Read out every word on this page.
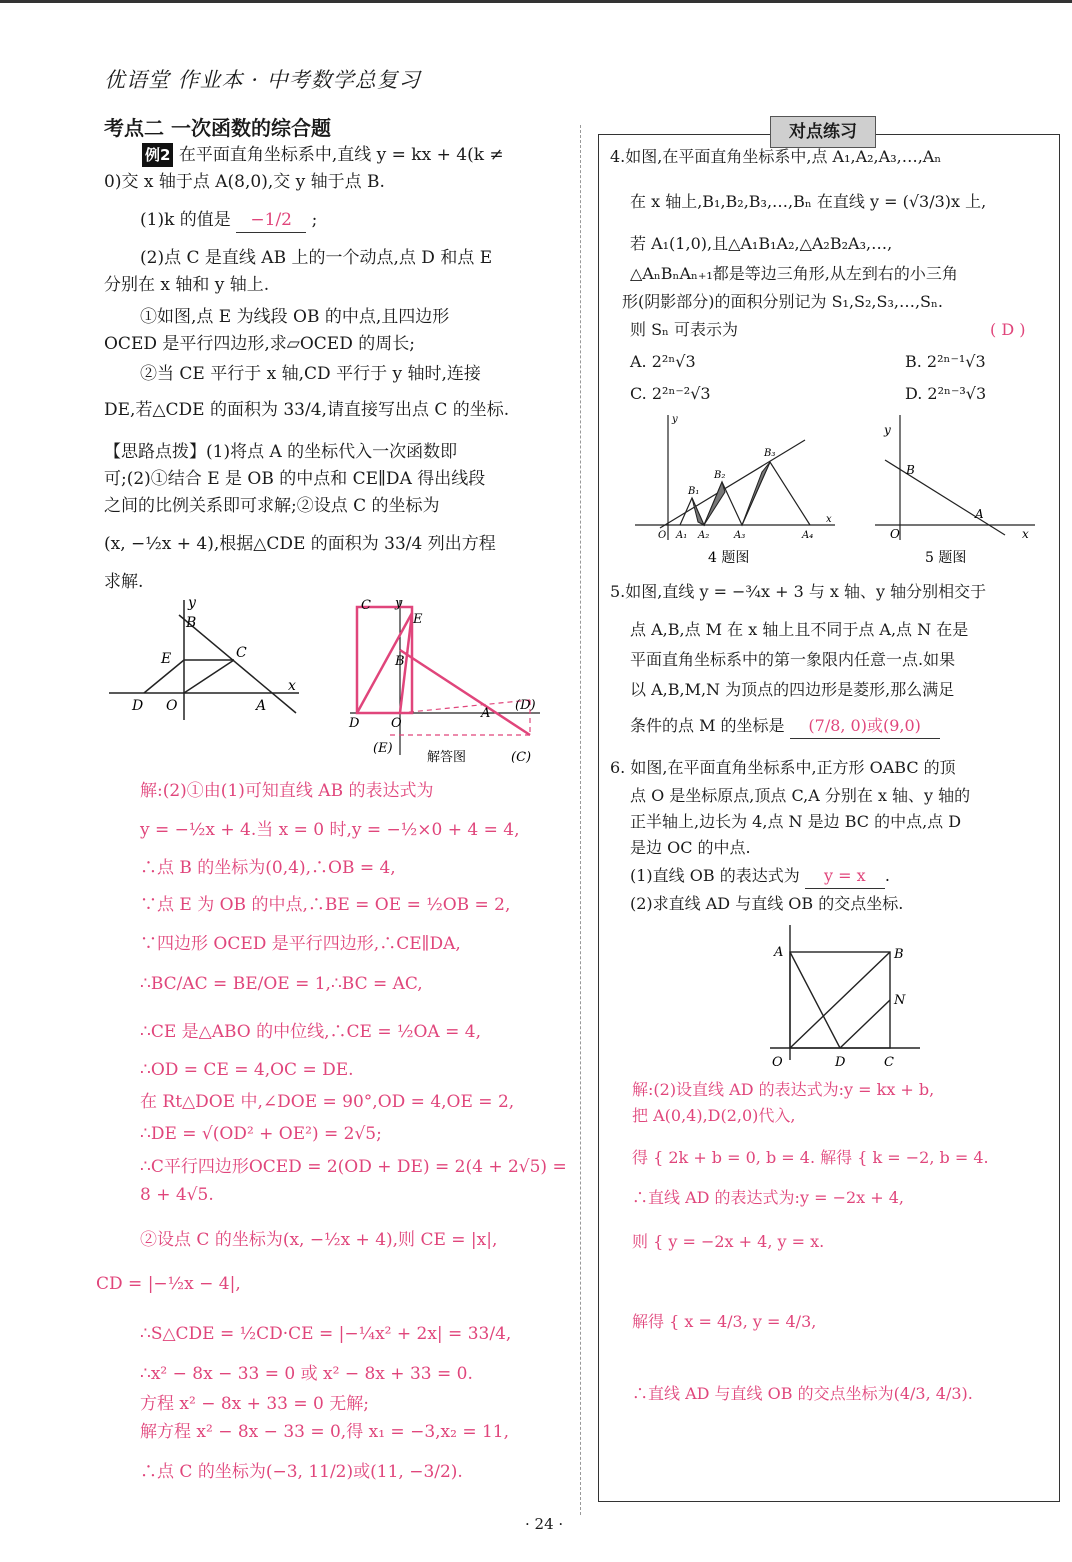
优语堂 作业本 · 中考数学总复习
考点二 一次函数的综合题
例2 在平面直角坐标系中,直线 y = kx + 4(k ≠
0)交 x 轴于点 A(8,0),交 y 轴于点 B.
(1)k 的值是 −1/2 ;
(2)点 C 是直线 AB 上的一个动点,点 D 和点 E
分别在 x 轴和 y 轴上.
①如图,点 E 为线段 OB 的中点,且四边形
OCED 是平行四边形,求▱OCED 的周长;
②当 CE 平行于 x 轴,CD 平行于 y 轴时,连接
DE,若△CDE 的面积为 33/4,请直接写出点 C 的坐标.
【思路点拨】(1)将点 A 的坐标代入一次函数即
可;(2)①结合 E 是 OB 的中点和 CE∥DA 得出线段
之间的比例关系即可求解;②设点 C 的坐标为
(x, −½x + 4),根据△CDE 的面积为 33/4 列出方程
求解.
y
B
E	C
D O	A
x
C y
E
B
D O
A
(D)
(E)
(C)
解答图
解:(2)①由(1)可知直线 AB 的表达式为
y = −½x + 4.当 x = 0 时,y = −½×0 + 4 = 4,
∴点 B 的坐标为(0,4),∴OB = 4,
∵点 E 为 OB 的中点,∴BE = OE = ½OB = 2,
∵四边形 OCED 是平行四边形,∴CE∥DA,
∴BC/AC = BE/OE = 1,∴BC = AC,
∴CE 是△ABO 的中位线,∴CE = ½OA = 4,
∴OD = CE = 4,OC = DE.
在 Rt△DOE 中,∠DOE = 90°,OD = 4,OE = 2,
∴DE = √(OD² + OE²) = 2√5;
∴C平行四边形OCED = 2(OD + DE) = 2(4 + 2√5) =
8 + 4√5.
②设点 C 的坐标为(x, −½x + 4),则 CE = |x|,
CD = |−½x − 4|,
∴S△CDE = ½CD·CE = |−¼x² + 2x| = 33/4,
∴x² − 8x − 33 = 0 或 x² − 8x + 33 = 0.
方程 x² − 8x + 33 = 0 无解;
解方程 x² − 8x − 33 = 0,得 x₁ = −3,x₂ = 11,
∴点 C 的坐标为(−3, 11/2)或(11, −3/2).
对点练习
4.如图,在平面直角坐标系中,点 A₁,A₂,A₃,…,Aₙ
在 x 轴上,B₁,B₂,B₃,…,Bₙ 在直线 y = (√3/3)x 上,
若 A₁(1,0),且△A₁B₁A₂,△A₂B₂A₃,…,
△AₙBₙAₙ₊₁都是等边三角形,从左到右的小三角
形(阴影部分)的面积分别记为 S₁,S₂,S₃,…,Sₙ.
则 Sₙ 可表示为	( D )
A. 2²ⁿ√3	B. 2²ⁿ⁻¹√3
C. 2²ⁿ⁻²√3	D. 2²ⁿ⁻³√3
y
O A₁ A₂ A₃	A₄
B₁
B₂
B₃
x
4 题图
y
B
O
A
x
5 题图
5.如图,直线 y = −¾x + 3 与 x 轴、y 轴分别相交于
点 A,B,点 M 在 x 轴上且不同于点 A,点 N 在是
平面直角坐标系中的第一象限内任意一点.如果
以 A,B,M,N 为顶点的四边形是菱形,那么满足
条件的点 M 的坐标是 (7/8, 0)或(9,0)
6. 如图,在平面直角坐标系中,正方形 OABC 的顶
点 O 是坐标原点,顶点 C,A 分别在 x 轴、y 轴的
正半轴上,边长为 4,点 N 是边 BC 的中点,点 D
是边 OC 的中点.
(1)直线 OB 的表达式为 y = x .
(2)求直线 AD 与直线 OB 的交点坐标.
A	B
N
O	D	C
解:(2)设直线 AD 的表达式为:y = kx + b,
把 A(0,4),D(2,0)代入,
得 { 2k + b = 0, b = 4. 解得 { k = −2, b = 4.
∴直线 AD 的表达式为:y = −2x + 4,
则 { y = −2x + 4, y = x.
解得 { x = 4/3, y = 4/3,
∴直线 AD 与直线 OB 的交点坐标为(4/3, 4/3).
· 24 ·
